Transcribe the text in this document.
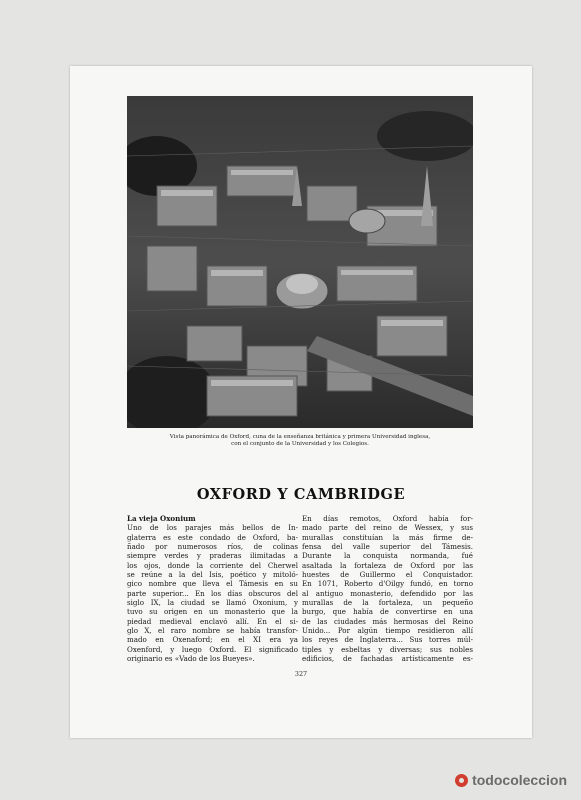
Vista panorámica de Oxford, cuna de la enseñanza británica y primera Universidad inglesa,
con el conjunto de la Universidad y los Colegios.
OXFORD Y CAMBRIDGE
La vieja Oxonium
Uno de los parajes más bellos de In-
glaterra es este condado de Oxford, ba-
ñado por numerosos ríos, de colinas
siempre verdes y praderas ilimitadas a
los ojos, donde la corriente del Cherwel
se reúne a la del Isis, poético y mitoló-
gico nombre que lleva el Támesis en su
parte superior... En los días obscuros del
siglo IX, la ciudad se llamó Oxonium, y
tuvo su origen en un monasterio que la
piedad medieval enclavó allí. En el si-
glo X, el raro nombre se había transfor-
mado en Oxenaford; en el XI era ya
Oxenford, y luego Oxford. El significado
originario es «Vado de los Bueyes».
En días remotos, Oxford había for-
mado parte del reino de Wessex, y sus
murallas constituían la más firme de-
fensa del valle superior del Támesis.
Durante la conquista normanda, fué
asaltada la fortaleza de Oxford por las
huestes de Guillermo el Conquistador.
En 1071, Roberto d'Oilgy fundó, en torno
al antiguo monasterio, defendido por las
murallas de la fortaleza, un pequeño
burgo, que había de convertirse en una
de las ciudades más hermosas del Reino
Unido... Por algún tiempo residieron allí
los reyes de Inglaterra... Sus torres múl-
tiples y esbeltas y diversas; sus nobles
edificios, de fachadas artísticamente es-
327
todocoleccion
